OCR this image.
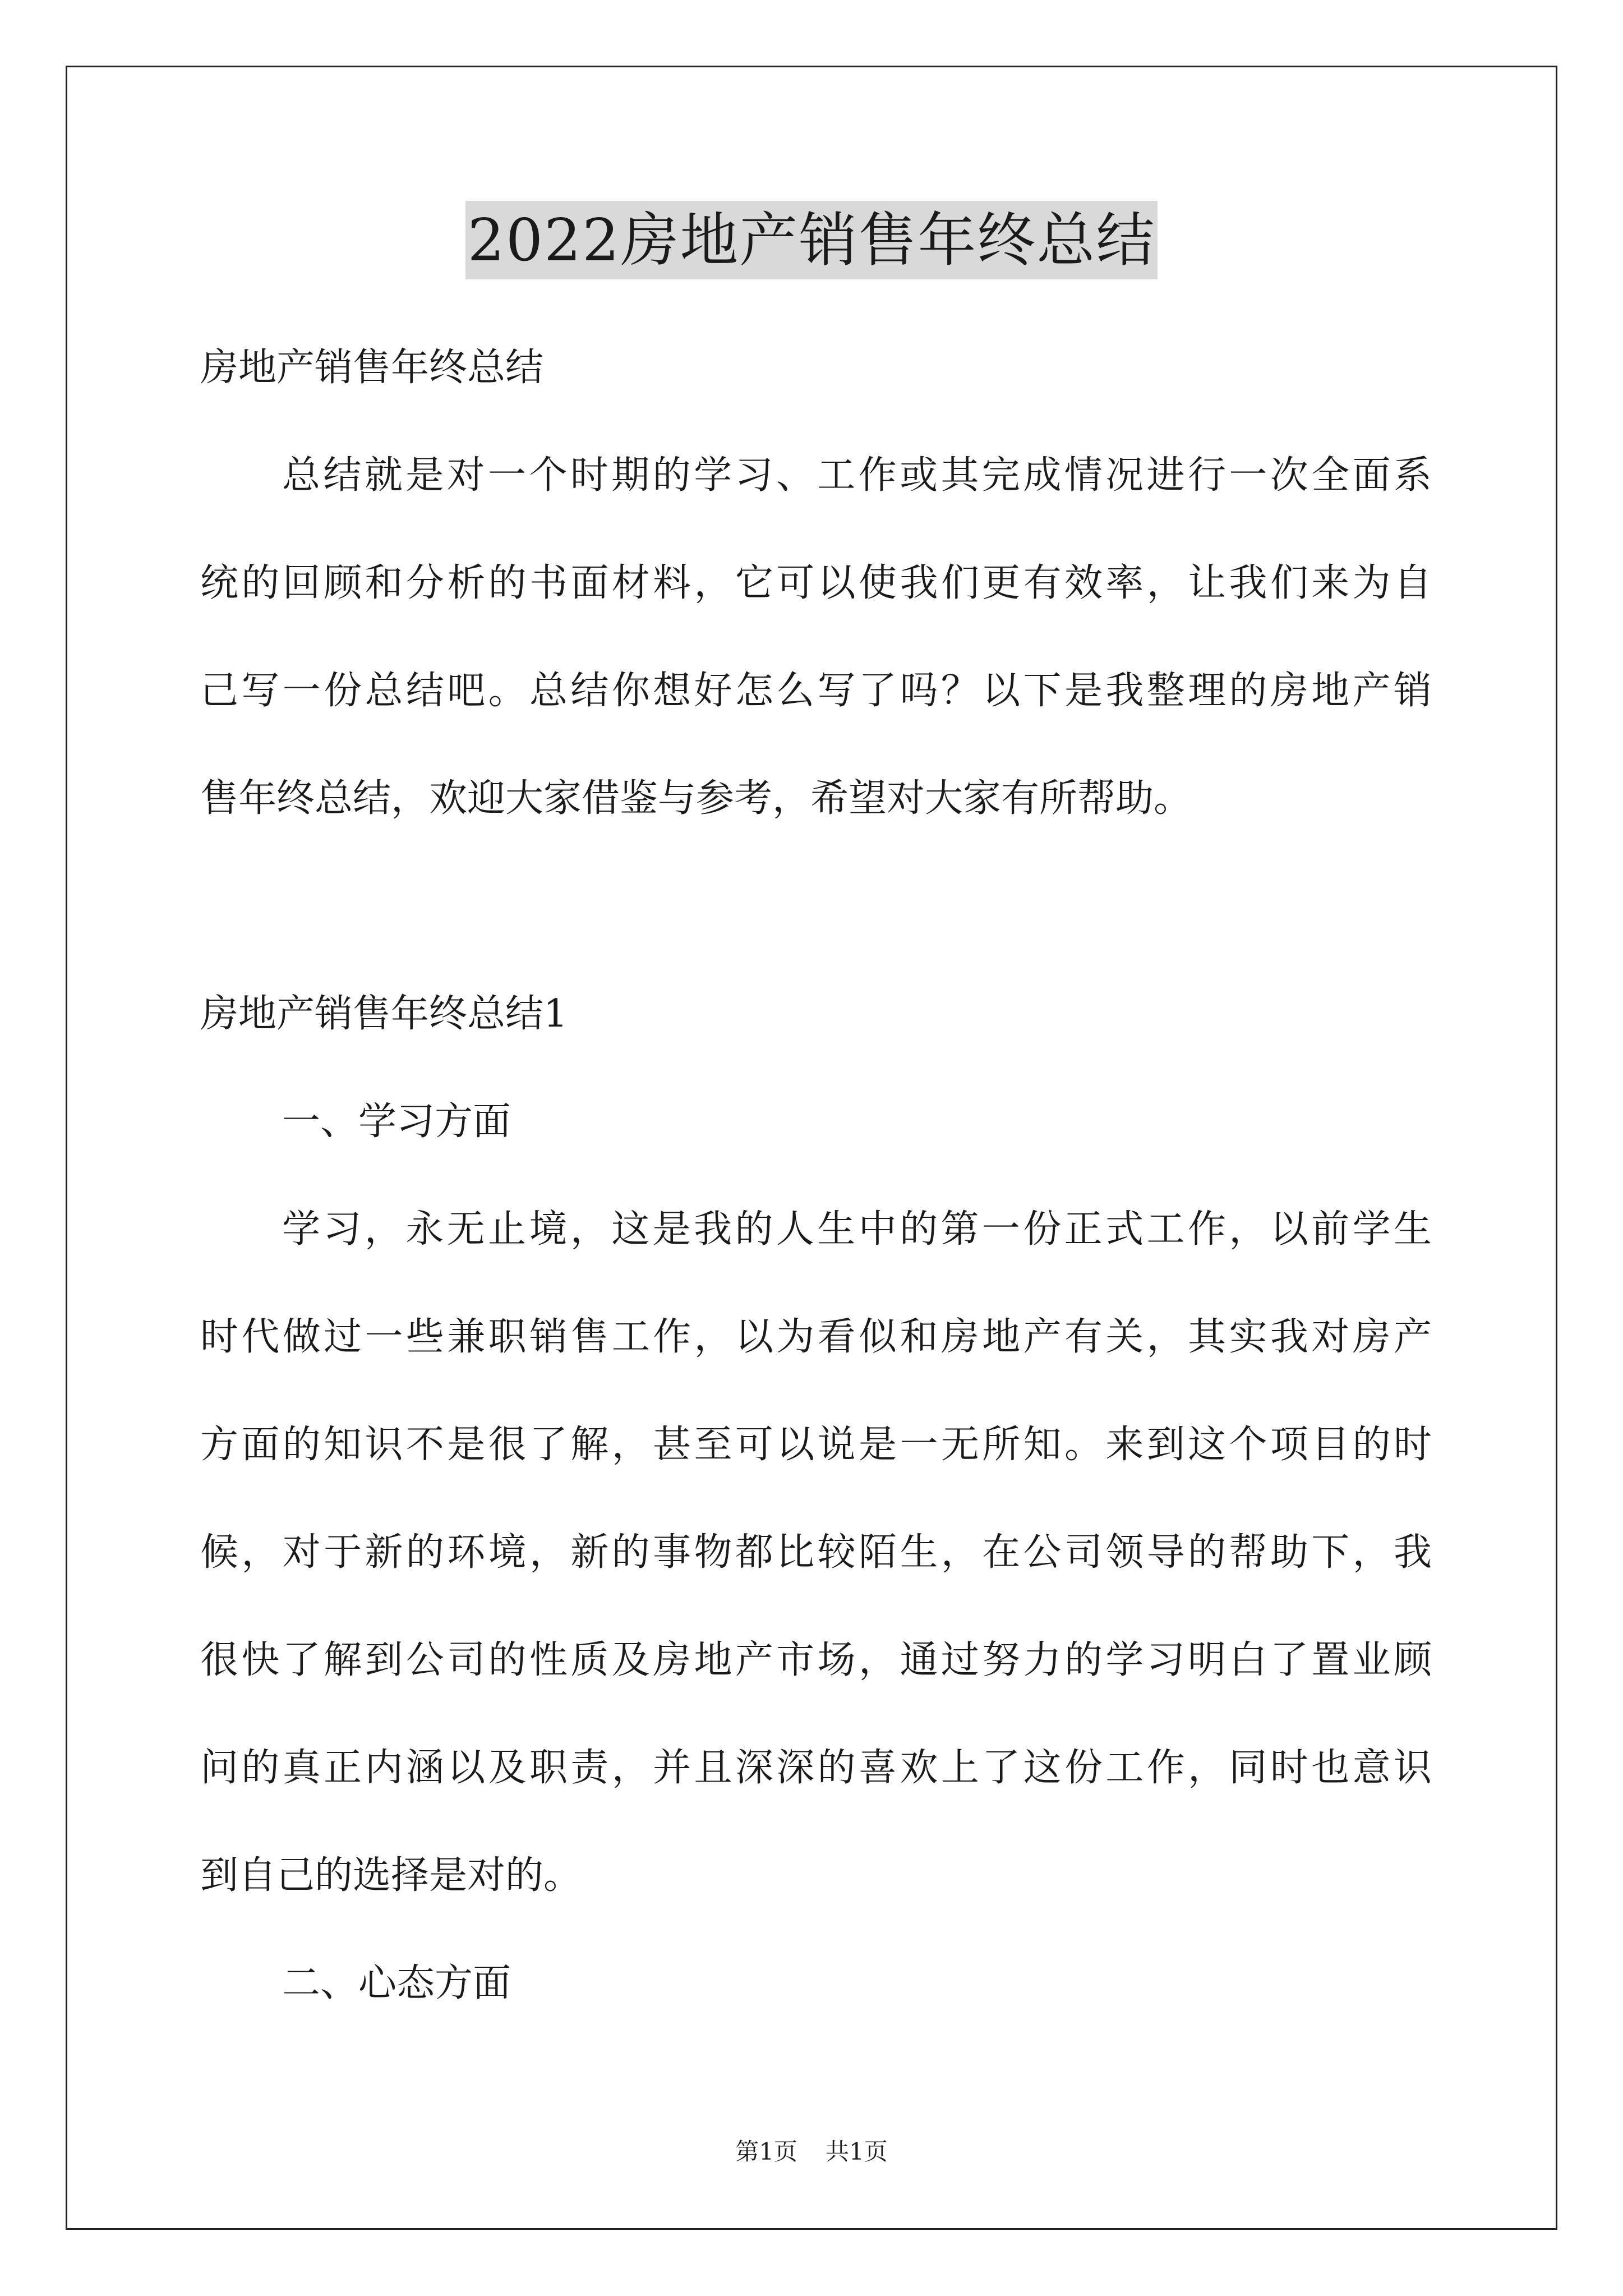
2022房地产销售年终总结
房地产销售年终总结
总结就是对一个时期的学习、工作或其完成情况进行一次全面系
统的回顾和分析的书面材料，它可以使我们更有效率，让我们来为自
己写一份总结吧。总结你想好怎么写了吗？以下是我整理的房地产销
售年终总结，欢迎大家借鉴与参考，希望对大家有所帮助。
房地产销售年终总结1
一、学习方面
学习，永无止境，这是我的人生中的第一份正式工作，以前学生
时代做过一些兼职销售工作，以为看似和房地产有关，其实我对房产
方面的知识不是很了解，甚至可以说是一无所知。来到这个项目的时
候，对于新的环境，新的事物都比较陌生，在公司领导的帮助下，我
很快了解到公司的性质及房地产市场，通过努力的学习明白了置业顾
问的真正内涵以及职责，并且深深的喜欢上了这份工作，同时也意识
到自己的选择是对的。
二、心态方面
第1页 共1页
